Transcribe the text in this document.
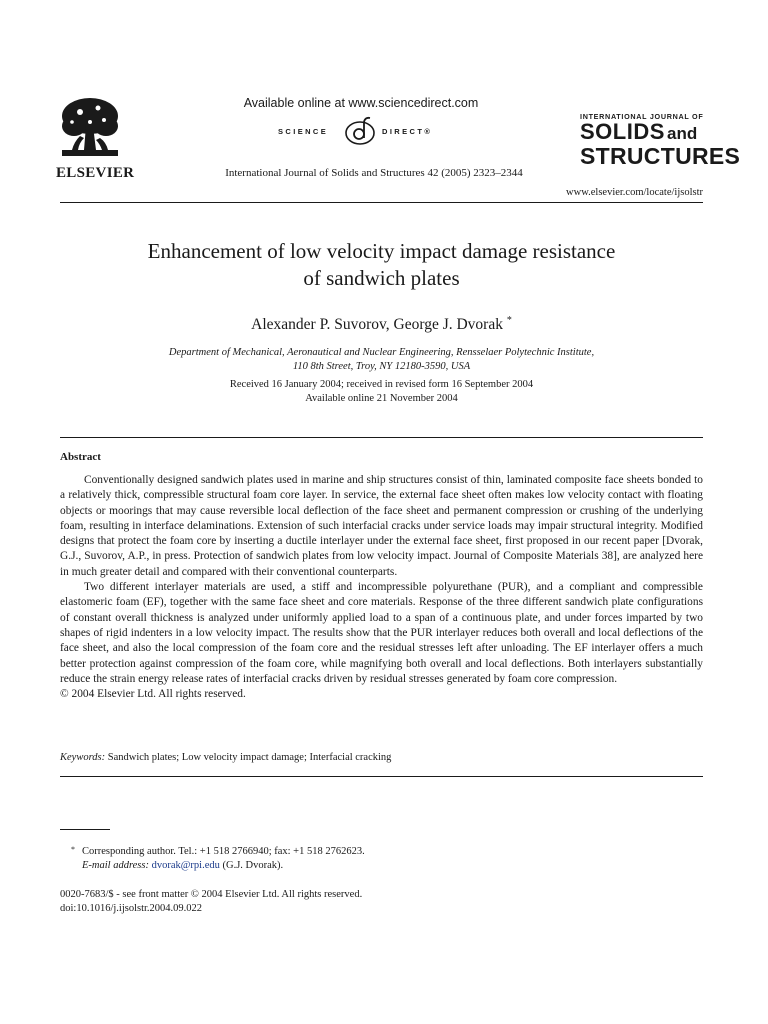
ELSEVIER
Available online at www.sciencedirect.com
SCIENCE	DIRECT®
International Journal of Solids and Structures 42 (2005) 2323–2344
INTERNATIONAL JOURNAL OF
SOLIDS and
STRUCTURES
www.elsevier.com/locate/ijsolstr
Enhancement of low velocity impact damage resistance
of sandwich plates
Alexander P. Suvorov, George J. Dvorak *
Department of Mechanical, Aeronautical and Nuclear Engineering, Rensselaer Polytechnic Institute,
110 8th Street, Troy, NY 12180-3590, USA
Received 16 January 2004; received in revised form 16 September 2004
Available online 21 November 2004
Abstract

Conventionally designed sandwich plates used in marine and ship structures consist of thin, laminated composite face sheets bonded to a relatively thick, compressible structural foam core layer. In service, the external face sheet often makes low velocity contact with floating objects or moorings that may cause reversible local deflection of the face sheet and permanent compression or crushing of the underlying foam, resulting in interface delaminations. Extension of such interfacial cracks under service loads may impair structural integrity. Modified designs that protect the foam core by inserting a ductile interlayer under the external face sheet, first proposed in our recent paper [Dvorak, G.J., Suvorov, A.P., in press. Protection of sandwich plates from low velocity impact. Journal of Composite Materials 38], are analyzed here in much greater detail and compared with their conventional counterparts.

Two different interlayer materials are used, a stiff and incompressible polyurethane (PUR), and a compliant and compressible elastomeric foam (EF), together with the same face sheet and core materials. Response of the three different sandwich plate configurations of constant overall thickness is analyzed under uniformly applied load to a span of a continuous plate, and under forces imparted by two shapes of rigid indenters in a low velocity impact. The results show that the PUR interlayer reduces both overall and local deflections of the face sheet, and also the local compression of the foam core and the residual stresses left after unloading. The EF interlayer offers a much better protection against compression of the foam core, while magnifying both overall and local deflections. Both interlayers substantially reduce the strain energy release rates of interfacial cracks driven by residual stresses generated by foam core compression.

© 2004 Elsevier Ltd. All rights reserved.

Keywords: Sandwich plates; Low velocity impact damage; Interfacial cracking
* Corresponding author. Tel.: +1 518 2766940; fax: +1 518 2762623.
E-mail address: dvorak@rpi.edu (G.J. Dvorak).
0020-7683/$ - see front matter © 2004 Elsevier Ltd. All rights reserved.
doi:10.1016/j.ijsolstr.2004.09.022
